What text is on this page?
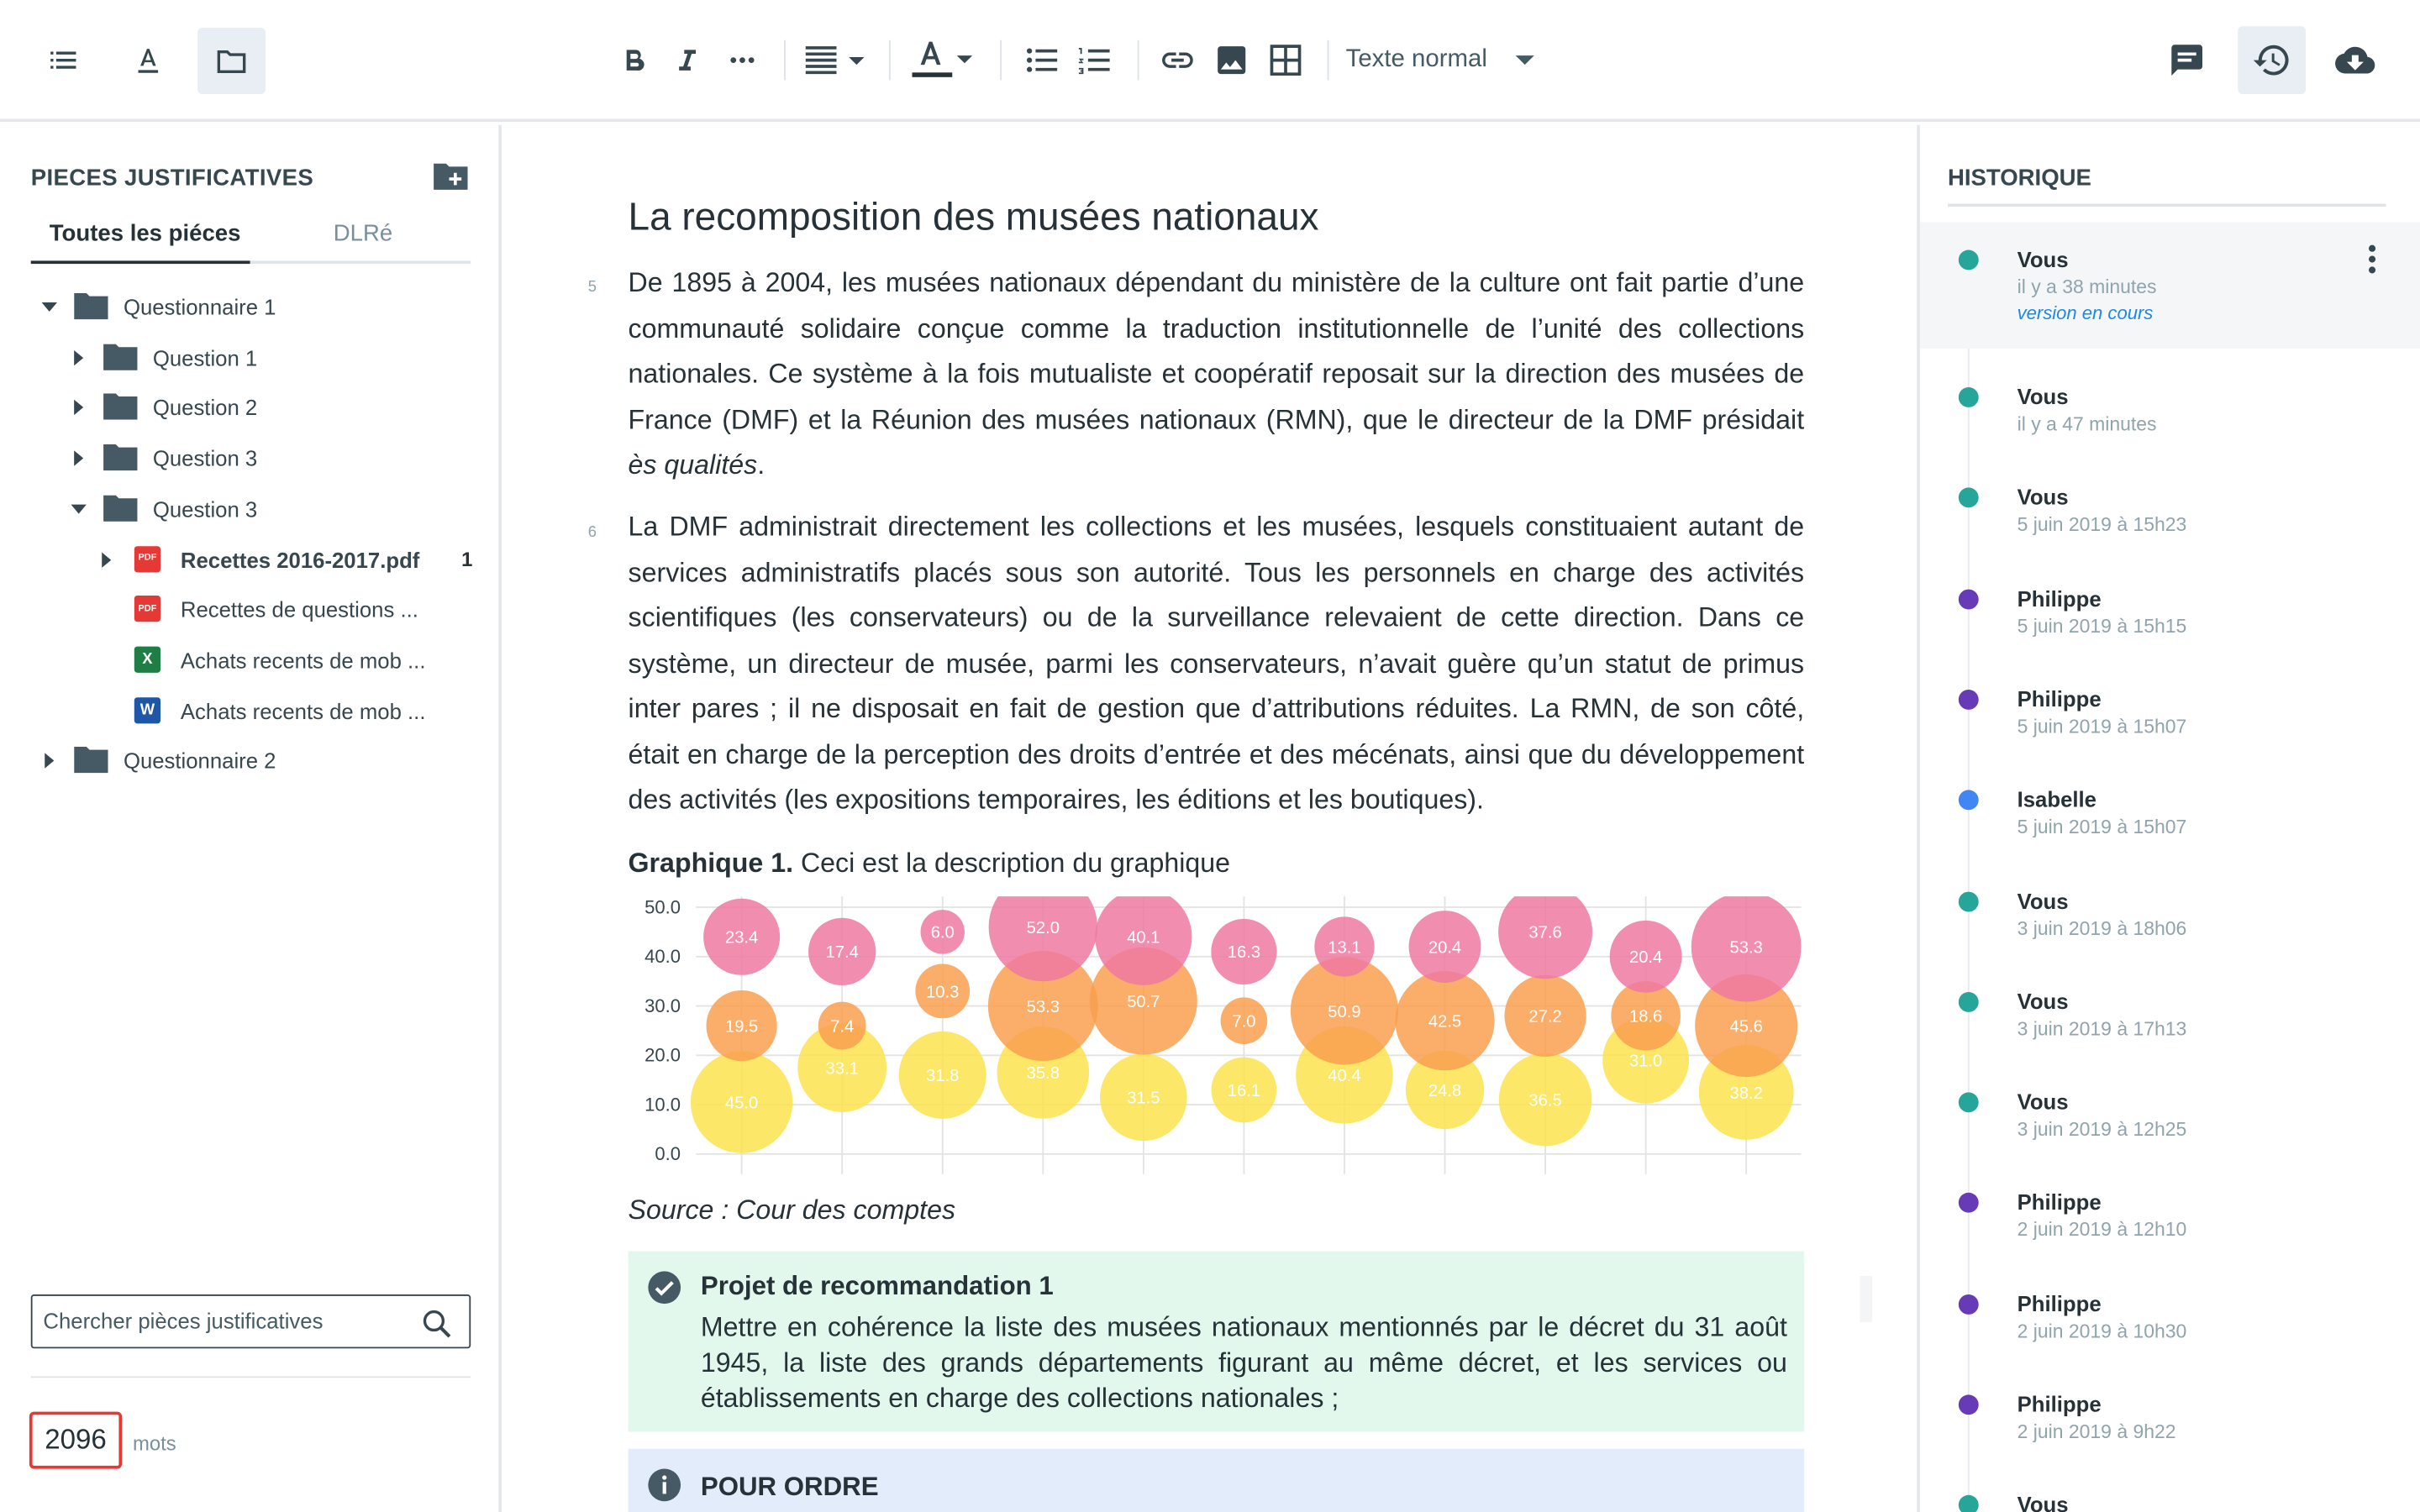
Texte normal
PIECES JUSTIFICATIVES
Toutes les piéces	DLRé
Questionnaire 1
Question 1
Question 2
Question 3
Question 3
PDF	Recettes 2016-2017.pdf	1
PDF	Recettes de questions ...
X	Achats recents de mob ...
W	Achats recents de mob ...
Questionnaire 2
Chercher pièces justificatives
2096	mots
La recomposition des musées nationaux
5 De 1895 à 2004, les musées nationaux dépendant du ministère de la culture ont fait partie d’une communauté solidaire conçue comme la traduction institutionnelle de l’unité des collections nationales. Ce système à la fois mutualiste et coopératif reposait sur la direction des musées de France (DMF) et la Réunion des musées nationaux (RMN), que le directeur de la DMF présidait ès qualités.
6 La DMF administrait directement les collections et les musées, lesquels constituaient autant de services administratifs placés sous son autorité. Tous les personnels en charge des activités scientifiques (les conservateurs) ou de la surveillance relevaient de cette direction. Dans ce système, un directeur de musée, parmi les conservateurs, n’avait guère qu’un statut de primus inter pares ; il ne disposait en fait de gestion que d’attributions réduites. La RMN, de son côté, était en charge de la perception des droits d’entrée et des mécénats, ainsi que du développement des activités (les expositions temporaires, les éditions et les boutiques).
Graphique 1. Ceci est la description du graphique
0.0
10.0
20.0
30.0
40.0
50.0
45.0
33.1	31.8	35.8
31.5	16.1
40.4
24.8
36.5
31.0
38.2
19.5	7.4
10.3
53.3	50.7
7.0
50.9
42.5	27.2	18.6
45.6
23.4
17.4
6.0	52.0
40.1
16.3	13.1	20.4
37.6
20.4
53.3
Source : Cour des comptes
Projet de recommandation 1
Mettre en cohérence la liste des musées nationaux mentionnés par le décret du 31 août 1945, la liste des grands départements figurant au même décret, et les services ou établissements en charge des collections nationales ;
POUR ORDRE
HISTORIQUE
Vous
il y a 38 minutes
version en cours
Vous
il y a 47 minutes
Vous
5 juin 2019 à 15h23
Philippe
5 juin 2019 à 15h15
Philippe
5 juin 2019 à 15h07
Isabelle
5 juin 2019 à 15h07
Vous
3 juin 2019 à 18h06
Vous
3 juin 2019 à 17h13
Vous
3 juin 2019 à 12h25
Philippe
2 juin 2019 à 12h10
Philippe
2 juin 2019 à 10h30
Philippe
2 juin 2019 à 9h22
Vous
